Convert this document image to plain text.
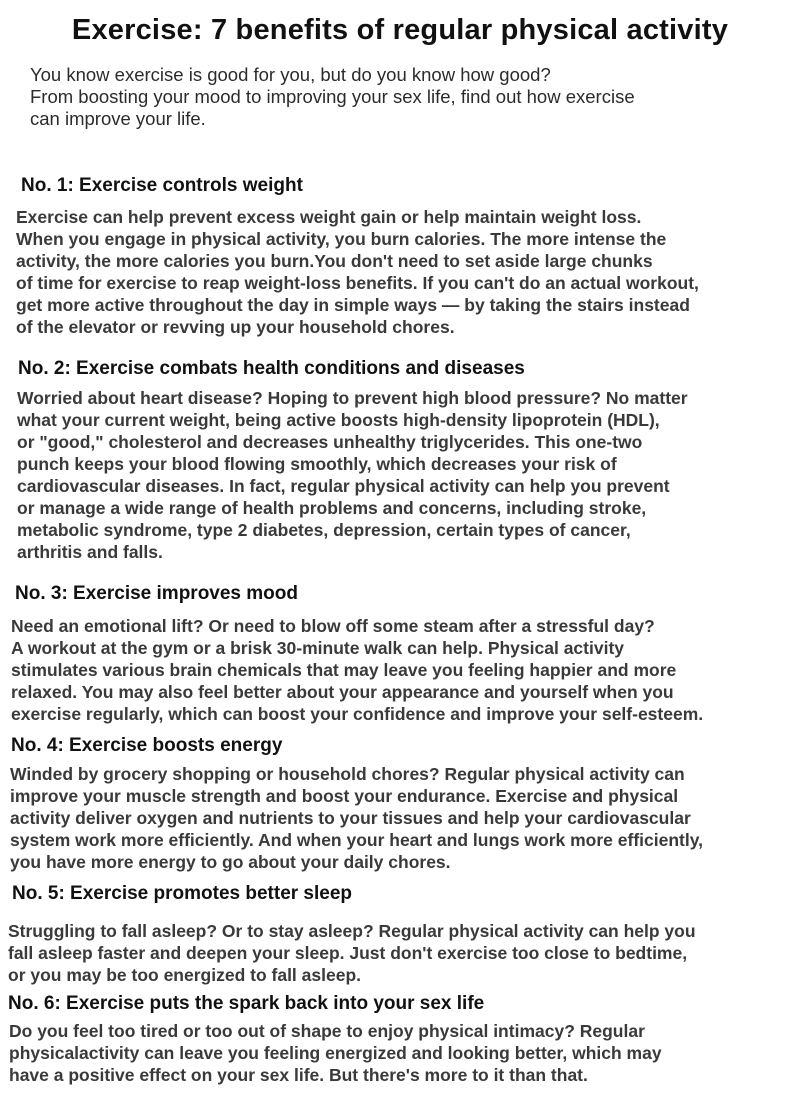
Exercise: 7 benefits of regular physical activity

You know exercise is good for you, but do you know how good?
From boosting your mood to improving your sex life, find out how exercise
can improve your life.

No. 1: Exercise controls weight

Exercise can help prevent excess weight gain or help maintain weight loss.
When you engage in physical activity, you burn calories. The more intense the
activity, the more calories you burn.You don't need to set aside large chunks
of time for exercise to reap weight-loss benefits. If you can't do an actual workout,
get more active throughout the day in simple ways — by taking the stairs instead
of the elevator or revving up your household chores.

No. 2: Exercise combats health conditions and diseases

Worried about heart disease? Hoping to prevent high blood pressure? No matter
what your current weight, being active boosts high-density lipoprotein (HDL),
or "good," cholesterol and decreases unhealthy triglycerides. This one-two
punch keeps your blood flowing smoothly, which decreases your risk of
cardiovascular diseases. In fact, regular physical activity can help you prevent
or manage a wide range of health problems and concerns, including stroke,
metabolic syndrome, type 2 diabetes, depression, certain types of cancer,
arthritis and falls.

No. 3: Exercise improves mood

Need an emotional lift? Or need to blow off some steam after a stressful day?
A workout at the gym or a brisk 30-minute walk can help. Physical activity
stimulates various brain chemicals that may leave you feeling happier and more
relaxed. You may also feel better about your appearance and yourself when you
exercise regularly, which can boost your confidence and improve your self-esteem.

No. 4: Exercise boosts energy

Winded by grocery shopping or household chores? Regular physical activity can
improve your muscle strength and boost your endurance. Exercise and physical
activity deliver oxygen and nutrients to your tissues and help your cardiovascular
system work more efficiently. And when your heart and lungs work more efficiently,
you have more energy to go about your daily chores.

No. 5: Exercise promotes better sleep

Struggling to fall asleep? Or to stay asleep? Regular physical activity can help you
fall asleep faster and deepen your sleep. Just don't exercise too close to bedtime,
or you may be too energized to fall asleep.

No. 6: Exercise puts the spark back into your sex life

Do you feel too tired or too out of shape to enjoy physical intimacy? Regular
physicalactivity can leave you feeling energized and looking better, which may
have a positive effect on your sex life. But there's more to it than that.
